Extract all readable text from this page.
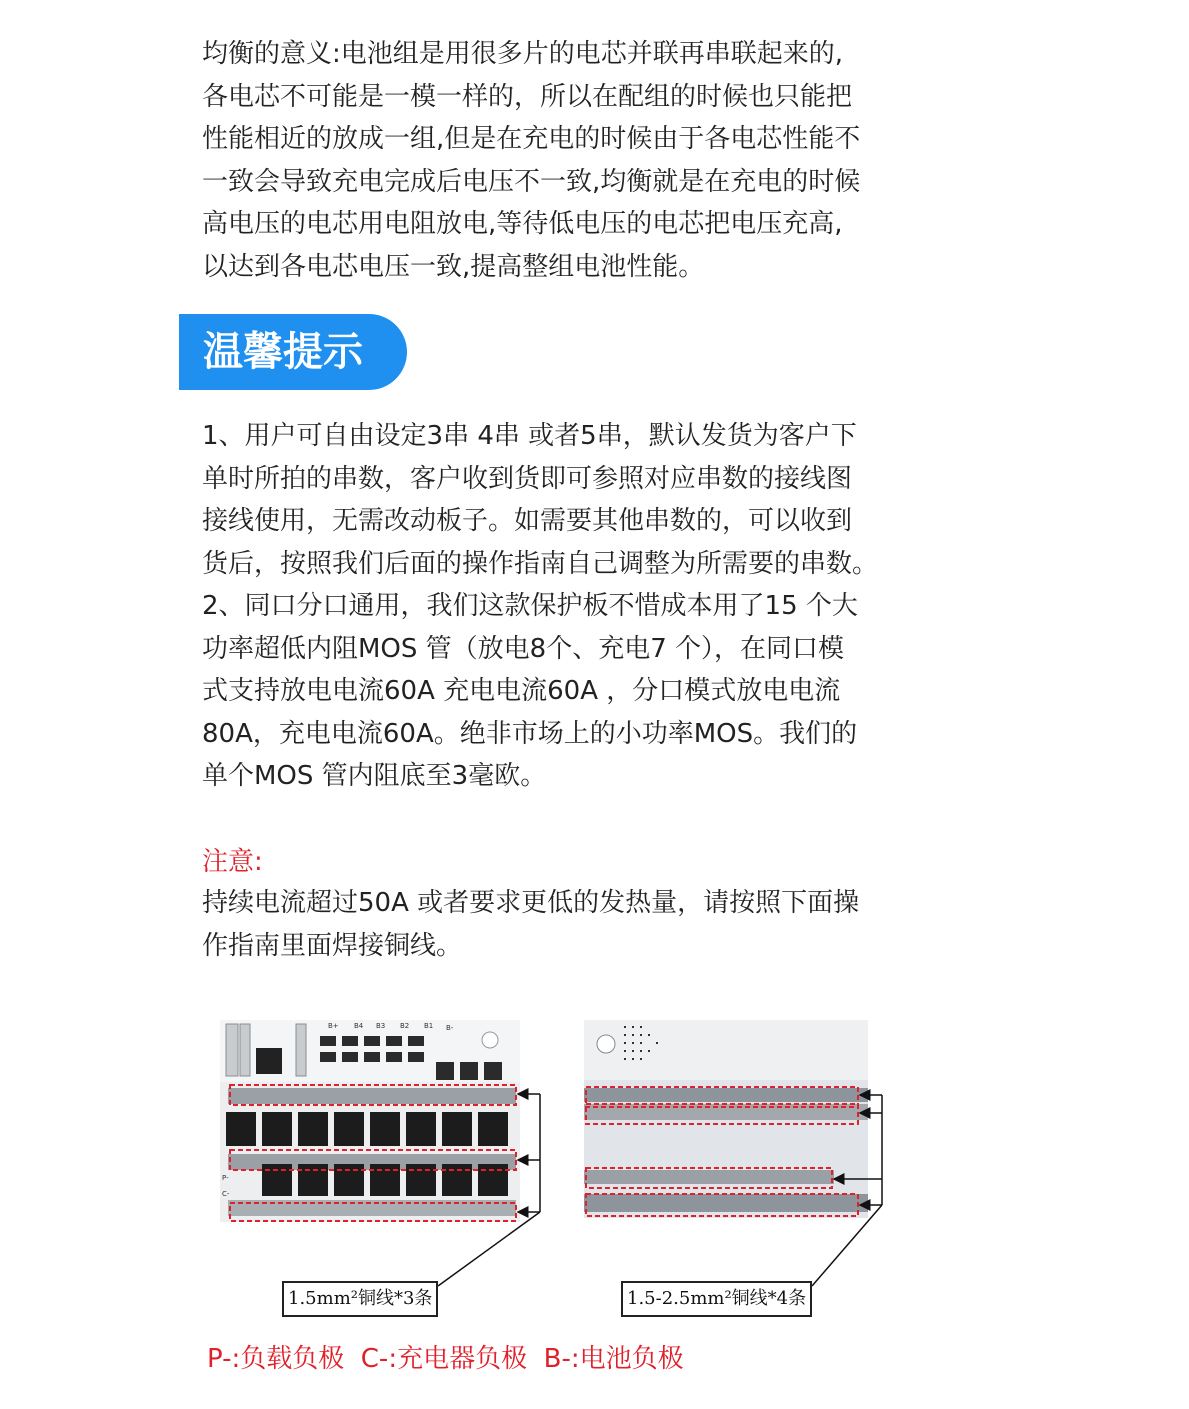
均衡的意义:电池组是用很多片的电芯并联再串联起来的,

各电芯不可能是一模一样的，所以在配组的时候也只能把

性能相近的放成一组,但是在充电的时候由于各电芯性能不

一致会导致充电完成后电压不一致,均衡就是在充电的时候

高电压的电芯用电阻放电,等待低电压的电芯把电压充高,

以达到各电芯电压一致,提高整组电池性能。

温馨提示

1、用户可自由设定3串 4串 或者5串，默认发货为客户下

单时所拍的串数，客户收到货即可参照对应串数的接线图

接线使用，无需改动板子。如需要其他串数的，可以收到

货后，按照我们后面的操作指南自己调整为所需要的串数。

2、同口分口通用，我们这款保护板不惜成本用了15 个大

功率超低内阻MOS 管（放电8个、充电7 个），在同口模

式支持放电电流60A 充电电流60A ，分口模式放电电流

80A，充电电流60A。绝非市场上的小功率MOS。我们的

单个MOS 管内阻底至3毫欧。

注意:

持续电流超过50A 或者要求更低的发热量，请按照下面操

作指南里面焊接铜线。

B+ B4 B3 B2 B1 B-
P-
C-
1.5mm²铜线*3条	1.5-2.5mm²铜线*4条
P-:负载负极  C-:充电器负极  B-:电池负极
